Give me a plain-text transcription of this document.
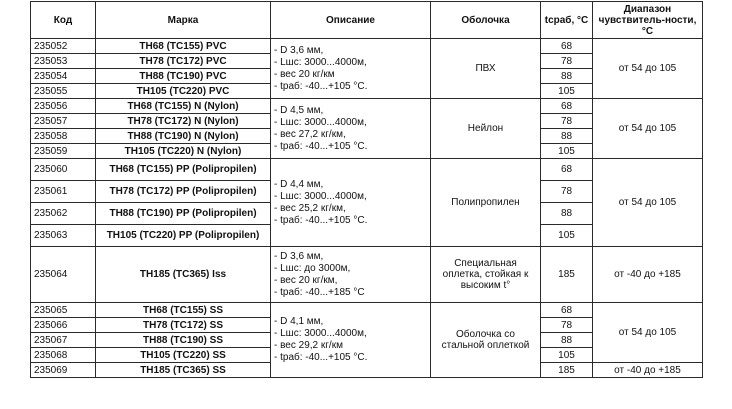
Код	Марка	Описание	Оболочка	tсраб, °C	Диапазон чувствитель-ности, °C
235052	TH68 (TC155) PVC	- D 3,6 мм,
- Lшс: 3000...4000м,
- вес 20 кг/км
- tраб: -40...+105 °C.	ПВХ	68	от 54 до 105
235053	TH78 (TC172) PVC			78	
235054	TH88 (TC190) PVC			88	
235055	TH105 (TC220) PVC			105	
235056	TH68 (TC155) N (Nylon)	- D 4,5 мм,
- Lшс: 3000...4000м,
- вес 27,2 кг/км,
- tраб: -40...+105 °C.	Нейлон	68	от 54 до 105
235057	TH78 (TC172) N (Nylon)			78	
235058	TH88 (TC190) N (Nylon)			88	
235059	TH105 (TC220) N (Nylon)			105	
235060	TH68 (TC155) PP (Polipropilen)	- D 4,4 мм,
- Lшс: 3000...4000м,
- вес 25,2 кг/км,
- tраб: -40...+105 °C.	Полипропилен	68	от 54 до 105
235061	TH78 (TC172) PP (Polipropilen)			78	
235062	TH88 (TC190) PP (Polipropilen)			88	
235063	TH105 (TC220) PP (Polipropilen)			105	
235064	TH185 (TC365) Iss	- D 3,6 мм,
- Lшс: до 3000м,
- вес 20 кг/км,
- tраб: -40...+185 °C	Специальная оплетка, стойкая к высоким t°	185	от -40 до +185
235065	TH68 (TC155) SS	- D 4,1 мм,
- Lшс: 3000...4000м,
- вес 29,2 кг/км
- tраб: -40...+105 °C.	Оболочка со стальной оплеткой	68	от 54 до 105
235066	TH78 (TC172) SS			78	
235067	TH88 (TC190) SS			88	
235068	TH105 (TC220) SS			105	
235069	TH185 (TC365) SS			185	от -40 до +185
